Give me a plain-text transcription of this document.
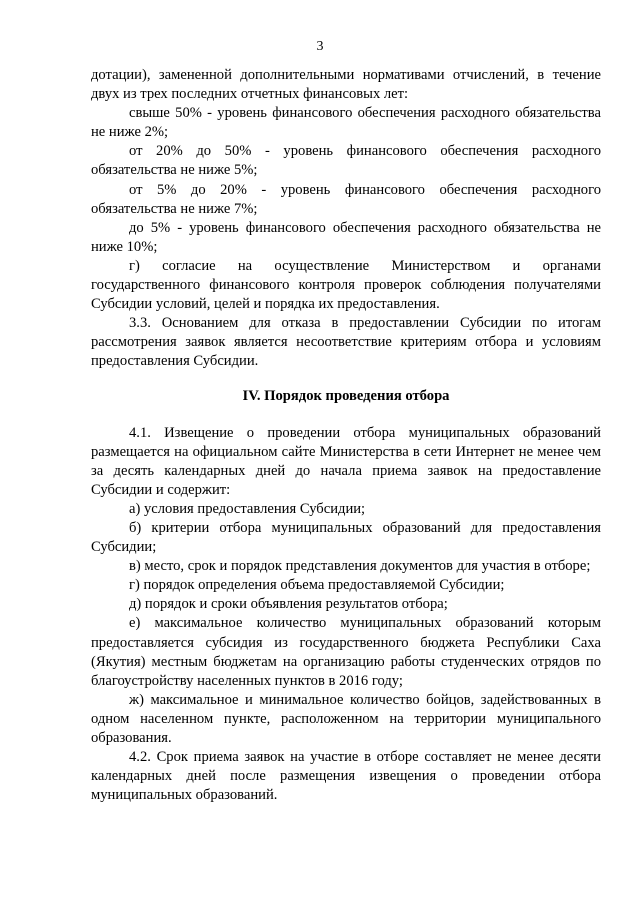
3

дотации), замененной дополнительными нормативами отчислений, в течение двух из трех последних отчетных финансовых лет:

свыше 50% - уровень финансового обеспечения расходного обязательства не ниже 2%;

от 20% до 50% - уровень финансового обеспечения расходного обязательства не ниже 5%;

от 5% до 20% - уровень финансового обеспечения расходного обязательства не ниже 7%;

до 5% - уровень финансового обеспечения расходного обязательства не ниже 10%;

г) согласие на осуществление Министерством и органами государственного финансового контроля проверок соблюдения получателями Субсидии условий, целей и порядка их предоставления.

3.3. Основанием для отказа в предоставлении Субсидии по итогам рассмотрения заявок является несоответствие критериям отбора и условиям предоставления Субсидии.

IV. Порядок проведения отбора

4.1. Извещение о проведении отбора муниципальных образований размещается на официальном сайте Министерства в сети Интернет не менее чем за десять календарных дней до начала приема заявок на предоставление Субсидии и содержит:

а) условия предоставления Субсидии;

б) критерии отбора муниципальных образований для предоставления Субсидии;

в) место, срок и порядок представления документов для участия в отборе;

г) порядок определения объема предоставляемой Субсидии;

д) порядок и сроки объявления результатов отбора;

е) максимальное количество муниципальных образований которым предоставляется субсидия из государственного бюджета Республики Саха (Якутия) местным бюджетам на организацию работы студенческих отрядов по благоустройству населенных пунктов в 2016 году;

ж) максимальное и минимальное количество бойцов, задействованных в одном населенном пункте, расположенном на территории муниципального образования.

4.2. Срок приема заявок на участие в отборе составляет не менее десяти календарных дней после размещения извещения о проведении отбора муниципальных образований.
